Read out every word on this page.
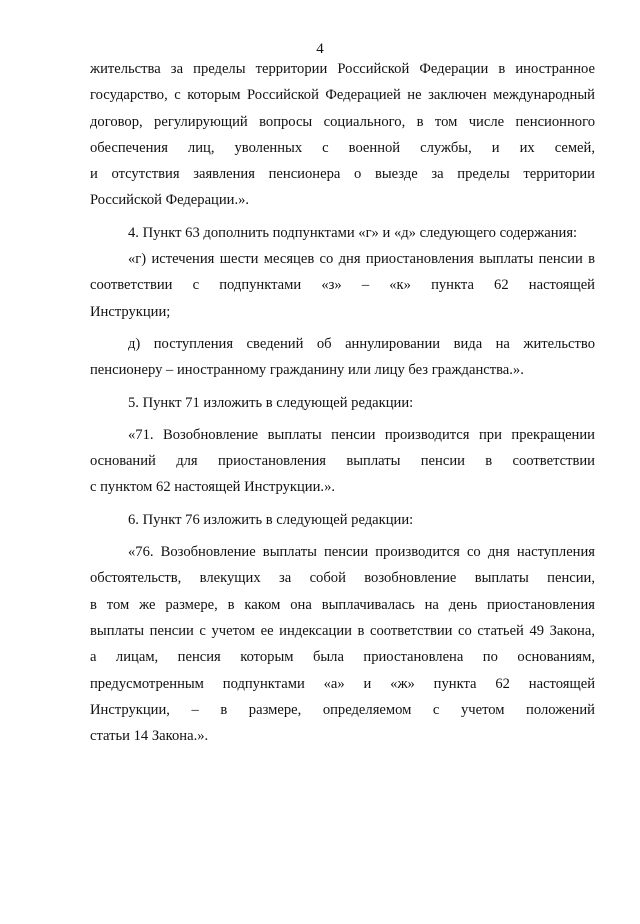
4
жительства за пределы территории Российской Федерации в иностранное
государство, с которым Российской Федерацией не заключен международный
договор, регулирующий вопросы социального, в том числе пенсионного
обеспечения лиц, уволенных с военной службы, и их семей,
и отсутствия заявления пенсионера о выезде за пределы территории
Российской Федерации.».
4. Пункт 63 дополнить подпунктами «г» и «д» следующего содержания:
«г) истечения шести месяцев со дня приостановления выплаты пенсии в
соответствии с подпунктами «з» – «к» пункта 62 настоящей
Инструкции;
д) поступления сведений об аннулировании вида на жительство
пенсионеру – иностранному гражданину или лицу без гражданства.».
5. Пункт 71 изложить в следующей редакции:
«71. Возобновление выплаты пенсии производится при прекращении
оснований для приостановления выплаты пенсии в соответствии
с пунктом 62 настоящей Инструкции.».
6. Пункт 76 изложить в следующей редакции:
«76. Возобновление выплаты пенсии производится со дня наступления
обстоятельств, влекущих за собой возобновление выплаты пенсии,
в том же размере, в каком она выплачивалась на день приостановления
выплаты пенсии с учетом ее индексации в соответствии со статьей 49 Закона,
а лицам, пенсия которым была приостановлена по основаниям,
предусмотренным подпунктами «а» и «ж» пункта 62 настоящей
Инструкции, – в размере, определяемом с учетом положений
статьи 14 Закона.».
